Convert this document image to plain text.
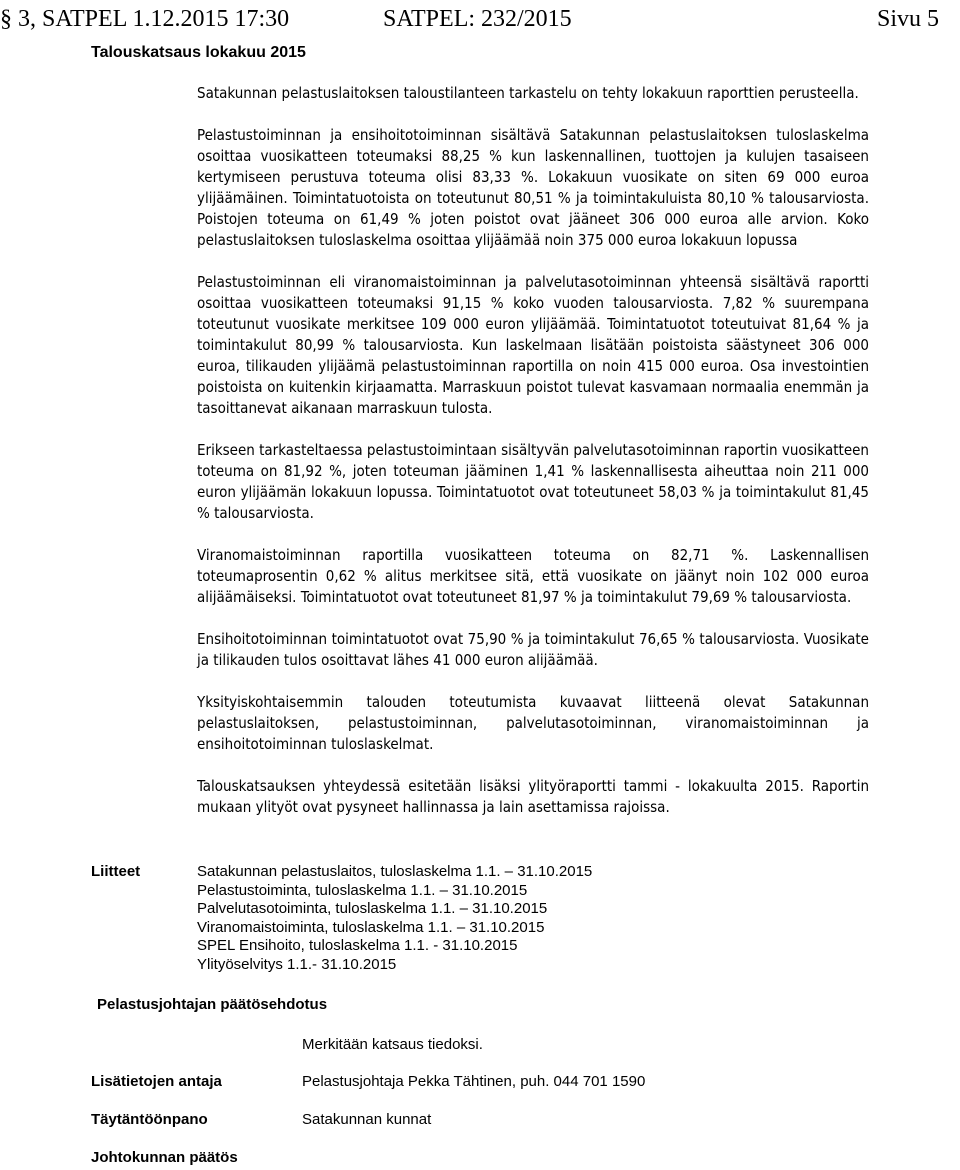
§ 3, SATPEL 1.12.2015 17:30	SATPEL: 232/2015	Sivu 5
Talouskatsaus lokakuu 2015

Satakunnan pelastuslaitoksen taloustilanteen tarkastelu on tehty lokakuun raporttien perusteella.

Pelastustoiminnan ja ensihoitotoiminnan sisältävä Satakunnan pelastuslaitoksen tuloslaskelma osoittaa vuosikatteen toteumaksi 88,25 % kun laskennallinen, tuottojen ja kulujen tasaiseen kertymiseen perustuva toteuma olisi 83,33 %. Lokakuun vuosikate on siten 69 000 euroa ylijäämäinen. Toimintatuotoista on toteutunut 80,51 % ja toimintakuluista 80,10 % talousarviosta. Poistojen toteuma on 61,49 % joten poistot ovat jääneet 306 000 euroa alle arvion. Koko pelastuslaitoksen tuloslaskelma osoittaa ylijäämää noin 375 000 euroa lokakuun lopussa

Pelastustoiminnan eli viranomaistoiminnan ja palvelutasotoiminnan yhteensä sisältävä raportti osoittaa vuosikatteen toteumaksi 91,15 % koko vuoden talousarviosta. 7,82 % suurempana toteutunut vuosikate merkitsee 109 000 euron ylijäämää. Toimintatuotot toteutuivat 81,64 % ja toimintakulut 80,99 % talousarviosta. Kun laskelmaan lisätään poistoista säästyneet 306 000 euroa, tilikauden ylijäämä pelastustoiminnan raportilla on noin 415 000 euroa. Osa investointien poistoista on kuitenkin kirjaamatta. Marraskuun poistot tulevat kasvamaan normaalia enemmän ja tasoittanevat aikanaan marraskuun tulosta.

Erikseen tarkasteltaessa pelastustoimintaan sisältyvän palvelutasotoiminnan raportin vuosikatteen toteuma on 81,92 %, joten toteuman jääminen 1,41 % laskennallisesta aiheuttaa noin 211 000 euron ylijäämän lokakuun lopussa. Toimintatuotot ovat toteutuneet 58,03 % ja toimintakulut 81,45 % talousarviosta.

Viranomaistoiminnan raportilla vuosikatteen toteuma on 82,71 %. Laskennallisen toteumaprosentin 0,62 % alitus merkitsee sitä, että vuosikate on jäänyt noin 102 000 euroa alijäämäiseksi. Toimintatuotot ovat toteutuneet 81,97 % ja toimintakulut 79,69 % talousarviosta.

Ensihoitotoiminnan toimintatuotot ovat 75,90 % ja toimintakulut 76,65 % talousarviosta. Vuosikate ja tilikauden tulos osoittavat lähes 41 000 euron alijäämää.

Yksityiskohtaisemmin talouden toteutumista kuvaavat liitteenä olevat Satakunnan pelastuslaitoksen, pelastustoiminnan, palvelutasotoiminnan, viranomaistoiminnan ja ensihoitotoiminnan tuloslaskelmat.

Talouskatsauksen yhteydessä esitetään lisäksi ylityöraportti tammi - lokakuulta 2015. Raportin mukaan ylityöt ovat pysyneet hallinnassa ja lain asettamissa rajoissa.

Liitteet	Satakunnan pelastuslaitos, tuloslaskelma 1.1. – 31.10.2015
Pelastustoiminta, tuloslaskelma 1.1. – 31.10.2015
Palvelutasotoiminta, tuloslaskelma 1.1. – 31.10.2015
Viranomaistoiminta, tuloslaskelma 1.1. – 31.10.2015
SPEL Ensihoito, tuloslaskelma 1.1. - 31.10.2015
Ylityöselvitys 1.1.- 31.10.2015
Pelastusjohtajan päätösehdotus
Merkitään katsaus tiedoksi.
Lisätietojen antaja	Pelastusjohtaja Pekka Tähtinen, puh. 044 701 1590
Täytäntöönpano	Satakunnan kunnat
Johtokunnan päätös
